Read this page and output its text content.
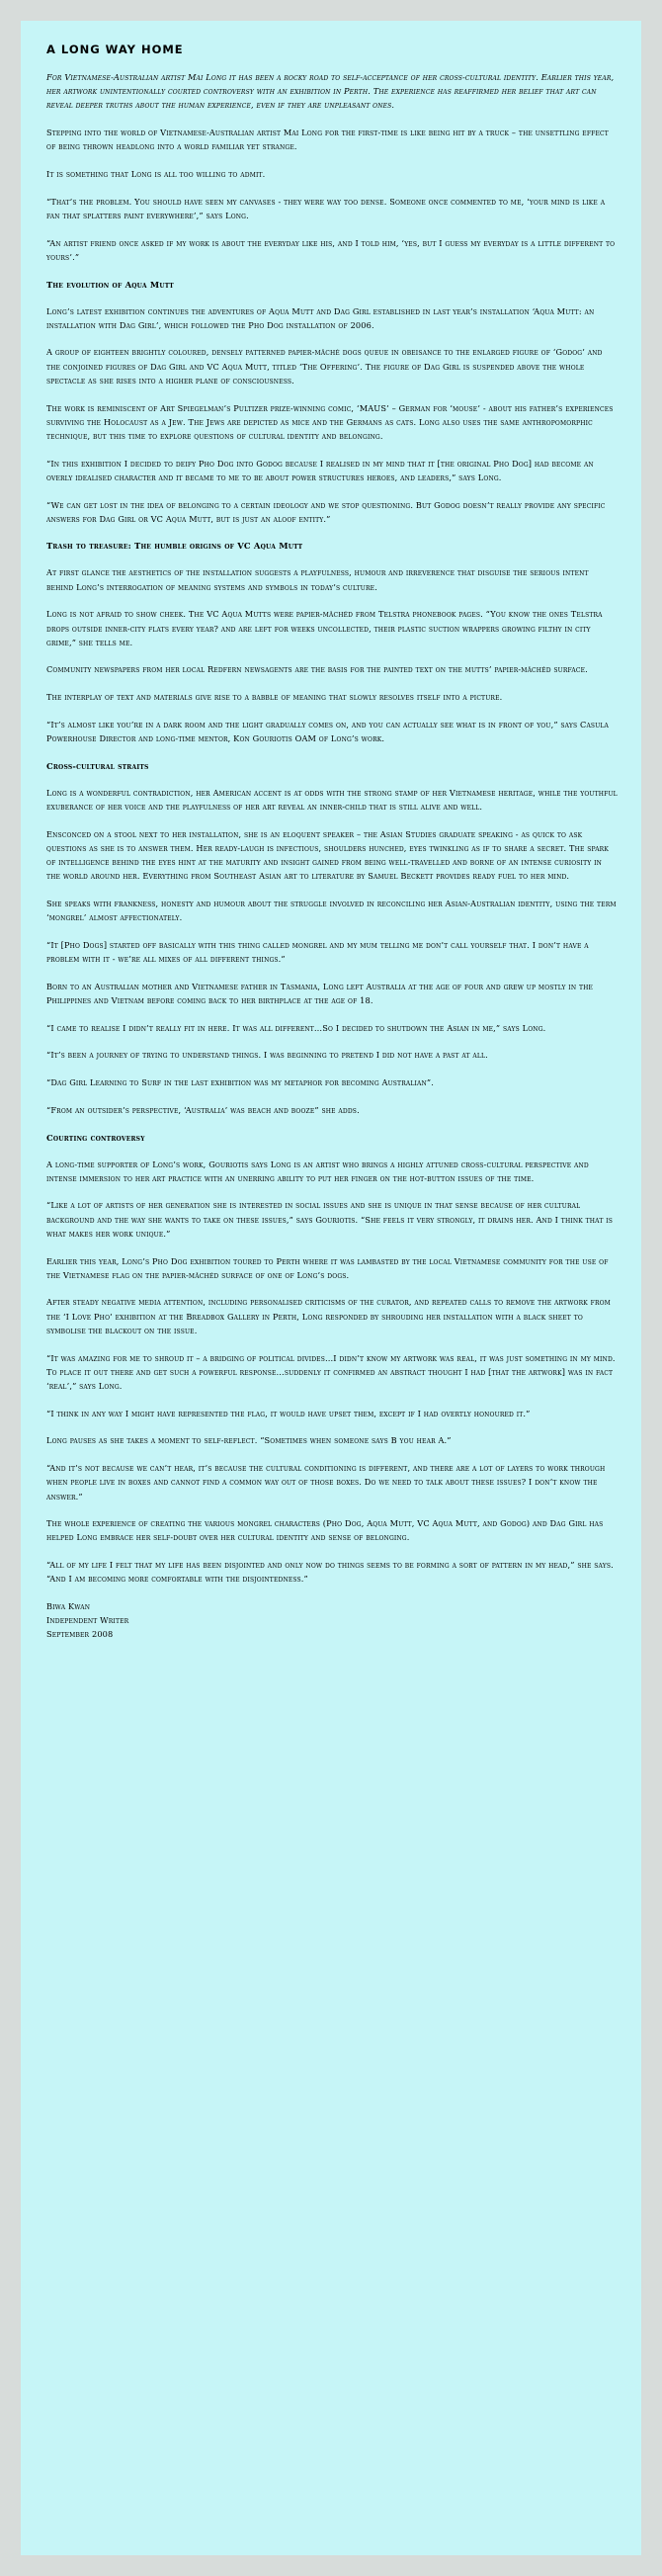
A LONG WAY HOME

For Vietnamese-Australian artist Mai Long it has been a rocky road to self-acceptance of her cross-cultural identity. Earlier this year, her artwork unintentionally courted controversy with an exhibition in Perth. The experience has reaffirmed her belief that art can reveal deeper truths about the human experience, even if they are unpleasant ones.

Stepping into the world of Vietnamese-Australian artist Mai Long for the first-time is like being hit by a truck – the unsettling effect of being thrown headlong into a world familiar yet strange.

It is something that Long is all too willing to admit.

“That’s the problem. You should have seen my canvases - they were way too dense. Someone once commented to me, ‘your mind is like a fan that splatters paint everywhere’,” says Long.

“An artist friend once asked if my work is about the everyday like his, and I told him, ‘yes, but I guess my everyday is a little different to yours’.”

The evolution of Aqua Mutt

Long’s latest exhibition continues the adventures of Aqua Mutt and Dag Girl established in last year’s installation ‘Aqua Mutt: an installation with Dag Girl’, which followed the Pho Dog installation of 2006.

A group of eighteen brightly coloured, densely patterned papier-mâché dogs queue in obeisance to the enlarged figure of ‘Godog’ and the conjoined figures of Dag Girl and VC Aqua Mutt, titled ‘The Offering’. The figure of Dag Girl is suspended above the whole spectacle as she rises into a higher plane of consciousness.

The work is reminiscent of Art Spiegelman’s Pultizer prize-winning comic, ‘MAUS’ – German for ‘mouse’ - about his father’s experiences surviving the Holocaust as a Jew. The Jews are depicted as mice and the Germans as cats. Long also uses the same anthropomorphic technique, but this time to explore questions of cultural identity and belonging.

“In this exhibition I decided to deify Pho Dog into Godog because I realised in my mind that it [the original Pho Dog] had become an overly idealised character and it became to me to be about power structures heroes, and leaders,” says Long.

“We can get lost in the idea of belonging to a certain ideology and we stop questioning. But Godog doesn’t really provide any specific answers for Dag Girl or VC Aqua Mutt, but is just an aloof entity.”

Trash to treasure: The humble origins of VC Aqua Mutt

At first glance the aesthetics of the installation suggests a playfulness, humour and irreverence that disguise the serious intent behind Long’s interrogation of meaning systems and symbols in today’s culture.

Long is not afraid to show cheek. The VC Aqua Mutts were papier-mâchéd from Telstra phonebook pages. “You know the ones Telstra drops outside inner-city flats every year? and are left for weeks uncollected, their plastic suction wrappers growing filthy in city grime,” she tells me.

Community newspapers from her local Redfern newsagents are the basis for the painted text on the mutts’ papier-mâchéd surface.

The interplay of text and materials give rise to a babble of meaning that slowly resolves itself into a picture.

“It’s almost like you’re in a dark room and the light gradually comes on, and you can actually see what is in front of you,” says Casula Powerhouse Director and long-time mentor, Kon Gouriotis OAM of Long’s work.

Cross-cultural straits

Long is a wonderful contradiction, her American accent is at odds with the strong stamp of her Vietnamese heritage, while the youthful exuberance of her voice and the playfulness of her art reveal an inner-child that is still alive and well.

Ensconced on a stool next to her installation, she is an eloquent speaker – the Asian Studies graduate speaking - as quick to ask questions as she is to answer them. Her ready-laugh is infectious, shoulders hunched, eyes twinkling as if to share a secret. The spark of intelligence behind the eyes hint at the maturity and insight gained from being well-travelled and borne of an intense curiosity in the world around her. Everything from Southeast Asian art to literature by Samuel Beckett provides ready fuel to her mind.

She speaks with frankness, honesty and humour about the struggle involved in reconciling her Asian-Australian identity, using the term ‘mongrel’ almost affectionately.

“It [Pho Dogs] started off basically with this thing called mongrel and my mum telling me don’t call yourself that. I don’t have a problem with it - we’re all mixes of all different things.”

Born to an Australian mother and Vietnamese father in Tasmania, Long left Australia at the age of four and grew up mostly in the Philippines and Vietnam before coming back to her birthplace at the age of 18.

“I came to realise I didn’t really fit in here. It was all different…So I decided to shutdown the Asian in me,” says Long.

“It’s been a journey of trying to understand things. I was beginning to pretend I did not have a past at all.

“Dag Girl Learning to Surf in the last exhibition was my metaphor for becoming Australian”.

“From an outsider’s perspective, ‘Australia’ was beach and booze” she adds.

Courting controversy

A long-time supporter of Long’s work, Gouriotis says Long is an artist who brings a highly attuned cross-cultural perspective and intense immersion to her art practice with an unerring ability to put her finger on the hot-button issues of the time.

“Like a lot of artists of her generation she is interested in social issues and she is unique in that sense because of her cultural background and the way she wants to take on these issues,” says Gouriotis. “She feels it very strongly, it drains her. And I think that is what makes her work unique.”

Earlier this year, Long’s Pho Dog exhibition toured to Perth where it was lambasted by the local Vietnamese community for the use of the Vietnamese flag on the papier-mâchéd surface of one of Long’s dogs.

After steady negative media attention, including personalised criticisms of the curator, and repeated calls to remove the artwork from the ‘I Love Pho’ exhibition at the Breadbox Gallery in Perth, Long responded by shrouding her installation with a black sheet to symbolise the blackout on the issue.

“It was amazing for me to shroud it – a bridging of political divides…I didn’t know my artwork was real, it was just something in my mind. To place it out there and get such a powerful response…suddenly it confirmed an abstract thought I had [that the artwork] was in fact ‘real’,” says Long.

“I think in any way I might have represented the flag, it would have upset them, except if I had overtly honoured it.”

Long pauses as she takes a moment to self-reflect. “Sometimes when someone says B you hear A.”

“And it’s not because we can’t hear, it’s because the cultural conditioning is different, and there are a lot of layers to work through when people live in boxes and cannot find a common way out of those boxes. Do we need to talk about these issues? I don’t know the answer.”

The whole experience of creating the various mongrel characters (Pho Dog, Aqua Mutt, VC Aqua Mutt, and Godog) and Dag Girl has helped Long embrace her self-doubt over her cultural identity and sense of belonging.

“All of my life I felt that my life has been disjointed and only now do things seems to be forming a sort of pattern in my head,” she says. “And I am becoming more comfortable with the disjointedness.”

Biwa Kwan
Independent Writer
September 2008
